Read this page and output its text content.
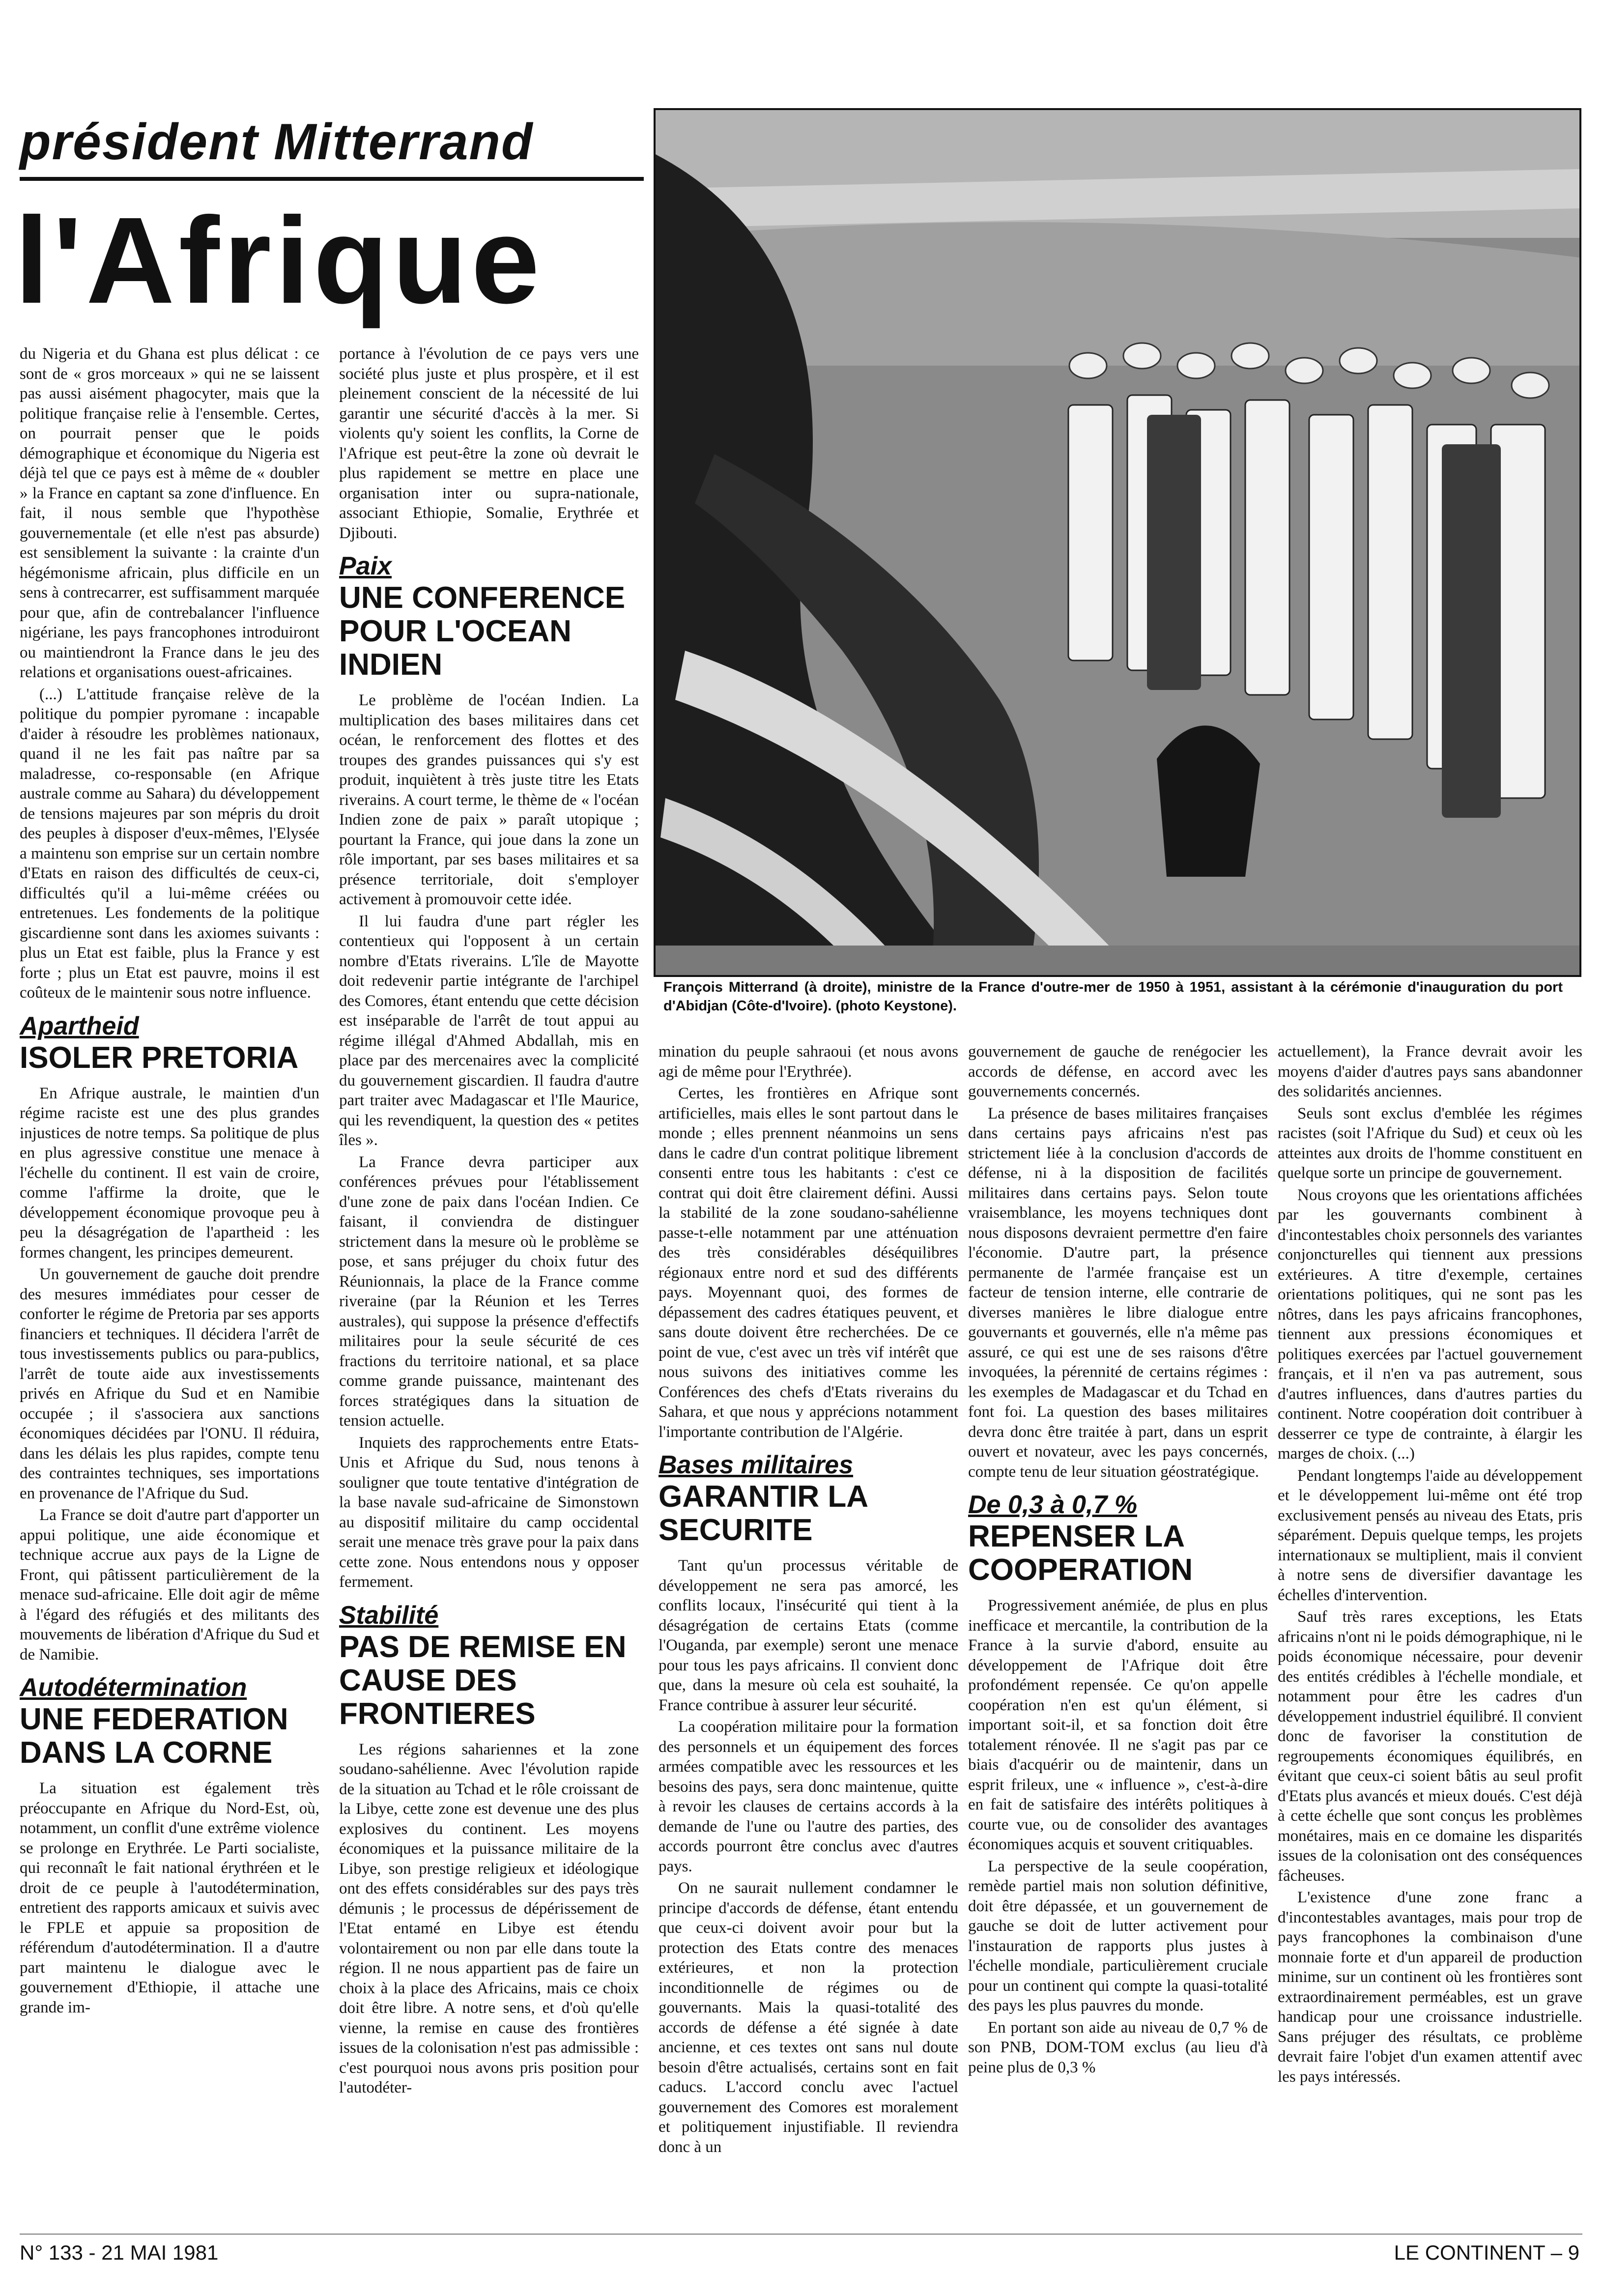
président Mitterrand
l'Afrique
François Mitterrand (à droite), ministre de la France d'outre-mer de 1950 à 1951, assistant à la cérémonie d'inauguration du port d'Abidjan (Côte-d'Ivoire). (photo Keystone).

du Nigeria et du Ghana est plus délicat : ce sont de « gros morceaux » qui ne se laissent pas aussi aisément phagocyter, mais que la politique française relie à l'ensemble. Certes, on pourrait penser que le poids démographique et économique du Nigeria est déjà tel que ce pays est à même de « doubler » la France en captant sa zone d'influence. En fait, il nous semble que l'hypothèse gouvernementale (et elle n'est pas absurde) est sensiblement la suivante : la crainte d'un hégémonisme africain, plus difficile en un sens à contrecarrer, est suffisamment marquée pour que, afin de contrebalancer l'influence nigériane, les pays francophones introduiront ou maintiendront la France dans le jeu des relations et organisations ouest-africaines.

(...) L'attitude française relève de la politique du pompier pyromane : incapable d'aider à résoudre les problèmes nationaux, quand il ne les fait pas naître par sa maladresse, co-responsable (en Afrique australe comme au Sahara) du développement de tensions majeures par son mépris du droit des peuples à disposer d'eux-mêmes, l'Elysée a maintenu son emprise sur un certain nombre d'Etats en raison des difficultés de ceux-ci, difficultés qu'il a lui-même créées ou entretenues. Les fondements de la politique giscardienne sont dans les axiomes suivants : plus un Etat est faible, plus la France y est forte ; plus un Etat est pauvre, moins il est coûteux de le maintenir sous notre influence.

Apartheid
ISOLER PRETORIA

En Afrique australe, le maintien d'un régime raciste est une des plus grandes injustices de notre temps. Sa politique de plus en plus agressive constitue une menace à l'échelle du continent. Il est vain de croire, comme l'affirme la droite, que le développement économique provoque peu à peu la désagrégation de l'apartheid : les formes changent, les principes demeurent.

Un gouvernement de gauche doit prendre des mesures immédiates pour cesser de conforter le régime de Pretoria par ses apports financiers et techniques. Il décidera l'arrêt de tous investissements publics ou para-publics, l'arrêt de toute aide aux investissements privés en Afrique du Sud et en Namibie occupée ; il s'associera aux sanctions économiques décidées par l'ONU. Il réduira, dans les délais les plus rapides, compte tenu des contraintes techniques, ses importations en provenance de l'Afrique du Sud.

La France se doit d'autre part d'apporter un appui politique, une aide économique et technique accrue aux pays de la Ligne de Front, qui pâtissent particulièrement de la menace sud-africaine. Elle doit agir de même à l'égard des réfugiés et des militants des mouvements de libération d'Afrique du Sud et de Namibie.

Autodétermination
UNE FEDERATION DANS LA CORNE

La situation est également très préoccupante en Afrique du Nord-Est, où, notamment, un conflit d'une extrême violence se prolonge en Erythrée. Le Parti socialiste, qui reconnaît le fait national érythréen et le droit de ce peuple à l'autodétermination, entretient des rapports amicaux et suivis avec le FPLE et appuie sa proposition de référendum d'autodétermination. Il a d'autre part maintenu le dialogue avec le gouvernement d'Ethiopie, il attache une grande im-

portance à l'évolution de ce pays vers une société plus juste et plus prospère, et il est pleinement conscient de la nécessité de lui garantir une sécurité d'accès à la mer. Si violents qu'y soient les conflits, la Corne de l'Afrique est peut-être la zone où devrait le plus rapidement se mettre en place une organisation inter ou supra-nationale, associant Ethiopie, Somalie, Erythrée et Djibouti.

Paix
UNE CONFERENCE POUR L'OCEAN INDIEN

Le problème de l'océan Indien. La multiplication des bases militaires dans cet océan, le renforcement des flottes et des troupes des grandes puissances qui s'y est produit, inquiètent à très juste titre les Etats riverains. A court terme, le thème de « l'océan Indien zone de paix » paraît utopique ; pourtant la France, qui joue dans la zone un rôle important, par ses bases militaires et sa présence territoriale, doit s'employer activement à promouvoir cette idée.

Il lui faudra d'une part régler les contentieux qui l'opposent à un certain nombre d'Etats riverains. L'île de Mayotte doit redevenir partie intégrante de l'archipel des Comores, étant entendu que cette décision est inséparable de l'arrêt de tout appui au régime illégal d'Ahmed Abdallah, mis en place par des mercenaires avec la complicité du gouvernement giscardien. Il faudra d'autre part traiter avec Madagascar et l'Ile Maurice, qui les revendiquent, la question des « petites îles ».

La France devra participer aux conférences prévues pour l'établissement d'une zone de paix dans l'océan Indien. Ce faisant, il conviendra de distinguer strictement dans la mesure où le problème se pose, et sans préjuger du choix futur des Réunionnais, la place de la France comme riveraine (par la Réunion et les Terres australes), qui suppose la présence d'effectifs militaires pour la seule sécurité de ces fractions du territoire national, et sa place comme grande puissance, maintenant des forces stratégiques dans la situation de tension actuelle.

Inquiets des rapprochements entre Etats-Unis et Afrique du Sud, nous tenons à souligner que toute tentative d'intégration de la base navale sud-africaine de Simonstown au dispositif militaire du camp occidental serait une menace très grave pour la paix dans cette zone. Nous entendons nous y opposer fermement.

Stabilité
PAS DE REMISE EN CAUSE DES FRONTIERES

Les régions sahariennes et la zone soudano-sahélienne. Avec l'évolution rapide de la situation au Tchad et le rôle croissant de la Libye, cette zone est devenue une des plus explosives du continent. Les moyens économiques et la puissance militaire de la Libye, son prestige religieux et idéologique ont des effets considérables sur des pays très démunis ; le processus de dépérissement de l'Etat entamé en Libye est étendu volontairement ou non par elle dans toute la région. Il ne nous appartient pas de faire un choix à la place des Africains, mais ce choix doit être libre. A notre sens, et d'où qu'elle vienne, la remise en cause des frontières issues de la colonisation n'est pas admissible : c'est pourquoi nous avons pris position pour l'autodéter-

mination du peuple sahraoui (et nous avons agi de même pour l'Erythrée).

Certes, les frontières en Afrique sont artificielles, mais elles le sont partout dans le monde ; elles prennent néanmoins un sens dans le cadre d'un contrat politique librement consenti entre tous les habitants : c'est ce contrat qui doit être clairement défini. Aussi la stabilité de la zone soudano-sahélienne passe-t-elle notamment par une atténuation des très considérables déséquilibres régionaux entre nord et sud des différents pays. Moyennant quoi, des formes de dépassement des cadres étatiques peuvent, et sans doute doivent être recherchées. De ce point de vue, c'est avec un très vif intérêt que nous suivons des initiatives comme les Conférences des chefs d'Etats riverains du Sahara, et que nous y apprécions notamment l'importante contribution de l'Algérie.

Bases militaires
GARANTIR LA SECURITE

Tant qu'un processus véritable de développement ne sera pas amorcé, les conflits locaux, l'insécurité qui tient à la désagrégation de certains Etats (comme l'Ouganda, par exemple) seront une menace pour tous les pays africains. Il convient donc que, dans la mesure où cela est souhaité, la France contribue à assurer leur sécurité.

La coopération militaire pour la formation des personnels et un équipement des forces armées compatible avec les ressources et les besoins des pays, sera donc maintenue, quitte à revoir les clauses de certains accords à la demande de l'une ou l'autre des parties, des accords pourront être conclus avec d'autres pays.

On ne saurait nullement condamner le principe d'accords de défense, étant entendu que ceux-ci doivent avoir pour but la protection des Etats contre des menaces extérieures, et non la protection inconditionnelle de régimes ou de gouvernants. Mais la quasi-totalité des accords de défense a été signée à date ancienne, et ces textes ont sans nul doute besoin d'être actualisés, certains sont en fait caducs. L'accord conclu avec l'actuel gouvernement des Comores est moralement et politiquement injustifiable. Il reviendra donc à un

gouvernement de gauche de renégocier les accords de défense, en accord avec les gouvernements concernés.

La présence de bases militaires françaises dans certains pays africains n'est pas strictement liée à la conclusion d'accords de défense, ni à la disposition de facilités militaires dans certains pays. Selon toute vraisemblance, les moyens techniques dont nous disposons devraient permettre d'en faire l'économie. D'autre part, la présence permanente de l'armée française est un facteur de tension interne, elle contrarie de diverses manières le libre dialogue entre gouvernants et gouvernés, elle n'a même pas assuré, ce qui est une de ses raisons d'être invoquées, la pérennité de certains régimes : les exemples de Madagascar et du Tchad en font foi. La question des bases militaires devra donc être traitée à part, dans un esprit ouvert et novateur, avec les pays concernés, compte tenu de leur situation géostratégique.

De 0,3 à 0,7 %
REPENSER LA COOPERATION

Progressivement anémiée, de plus en plus inefficace et mercantile, la contribution de la France à la survie d'abord, ensuite au développement de l'Afrique doit être profondément repensée. Ce qu'on appelle coopération n'en est qu'un élément, si important soit-il, et sa fonction doit être totalement rénovée. Il ne s'agit pas par ce biais d'acquérir ou de maintenir, dans un esprit frileux, une « influence », c'est-à-dire en fait de satisfaire des intérêts politiques à courte vue, ou de consolider des avantages économiques acquis et souvent critiquables.

La perspective de la seule coopération, remède partiel mais non solution définitive, doit être dépassée, et un gouvernement de gauche se doit de lutter activement pour l'instauration de rapports plus justes à l'échelle mondiale, particulièrement cruciale pour un continent qui compte la quasi-totalité des pays les plus pauvres du monde.

En portant son aide au niveau de 0,7 % de son PNB, DOM-TOM exclus (au lieu d'à peine plus de 0,3 %

actuellement), la France devrait avoir les moyens d'aider d'autres pays sans abandonner des solidarités anciennes.

Seuls sont exclus d'emblée les régimes racistes (soit l'Afrique du Sud) et ceux où les atteintes aux droits de l'homme constituent en quelque sorte un principe de gouvernement.

Nous croyons que les orientations affichées par les gouvernants combinent à d'incontestables choix personnels des variantes conjoncturelles qui tiennent aux pressions extérieures. A titre d'exemple, certaines orientations politiques, qui ne sont pas les nôtres, dans les pays africains francophones, tiennent aux pressions économiques et politiques exercées par l'actuel gouvernement français, et il n'en va pas autrement, sous d'autres influences, dans d'autres parties du continent. Notre coopération doit contribuer à desserrer ce type de contrainte, à élargir les marges de choix. (...)

Pendant longtemps l'aide au développement et le développement lui-même ont été trop exclusivement pensés au niveau des Etats, pris séparément. Depuis quelque temps, les projets internationaux se multiplient, mais il convient à notre sens de diversifier davantage les échelles d'intervention.

Sauf très rares exceptions, les Etats africains n'ont ni le poids démographique, ni le poids économique nécessaire, pour devenir des entités crédibles à l'échelle mondiale, et notamment pour être les cadres d'un développement industriel équilibré. Il convient donc de favoriser la constitution de regroupements économiques équilibrés, en évitant que ceux-ci soient bâtis au seul profit d'Etats plus avancés et mieux doués. C'est déjà à cette échelle que sont conçus les problèmes monétaires, mais en ce domaine les disparités issues de la colonisation ont des conséquences fâcheuses.

L'existence d'une zone franc a d'incontestables avantages, mais pour trop de pays francophones la combinaison d'une monnaie forte et d'un appareil de production minime, sur un continent où les frontières sont extraordinairement perméables, est un grave handicap pour une croissance industrielle. Sans préjuger des résultats, ce problème devrait faire l'objet d'un examen attentif avec les pays intéressés.

N° 133 - 21 MAI 1981	LE CONTINENT – 9
